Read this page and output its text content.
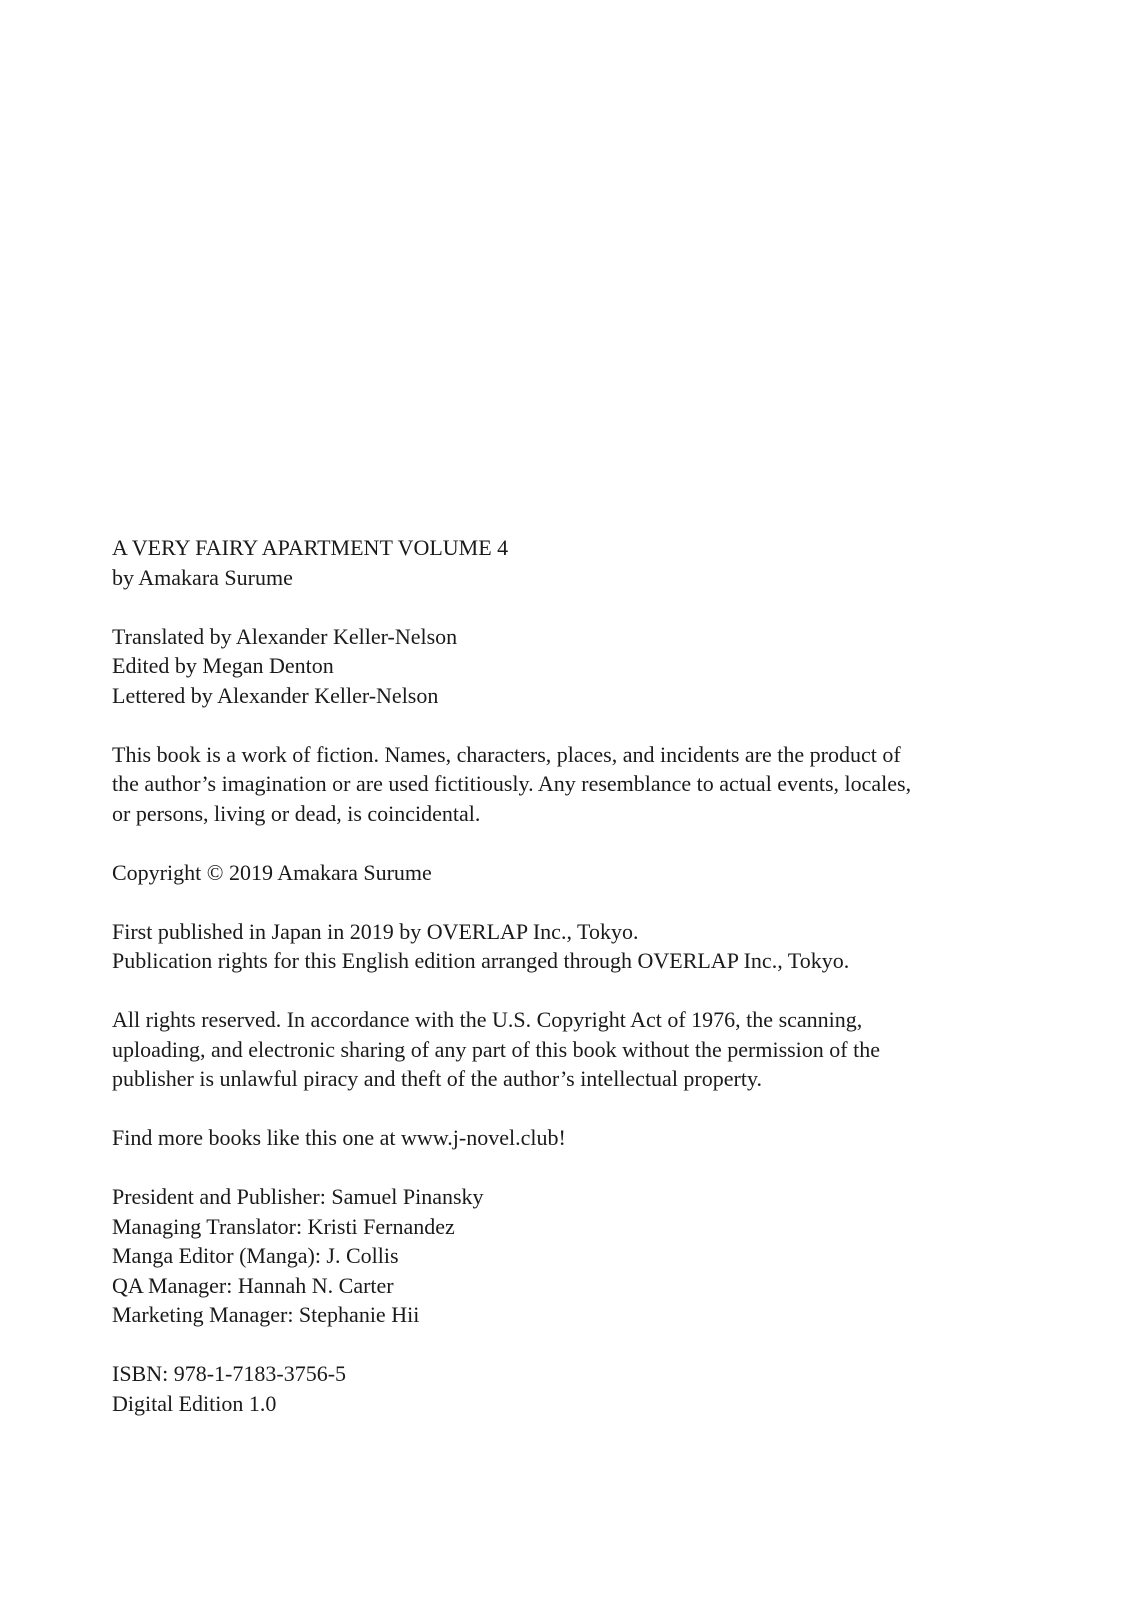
A VERY FAIRY APARTMENT VOLUME 4
by Amakara Surume
Translated by Alexander Keller-Nelson
Edited by Megan Denton
Lettered by Alexander Keller-Nelson
This book is a work of fiction. Names, characters, places, and incidents are the product of
the author’s imagination or are used fictitiously. Any resemblance to actual events, locales,
or persons, living or dead, is coincidental.
Copyright © 2019 Amakara Surume
First published in Japan in 2019 by OVERLAP Inc., Tokyo.
Publication rights for this English edition arranged through OVERLAP Inc., Tokyo.
All rights reserved. In accordance with the U.S. Copyright Act of 1976, the scanning,
uploading, and electronic sharing of any part of this book without the permission of the
publisher is unlawful piracy and theft of the author’s intellectual property.
Find more books like this one at www.j-novel.club!
President and Publisher: Samuel Pinansky
Managing Translator: Kristi Fernandez
Manga Editor (Manga): J. Collis
QA Manager: Hannah N. Carter
Marketing Manager: Stephanie Hii
ISBN: 978-1-7183-3756-5
Digital Edition 1.0
